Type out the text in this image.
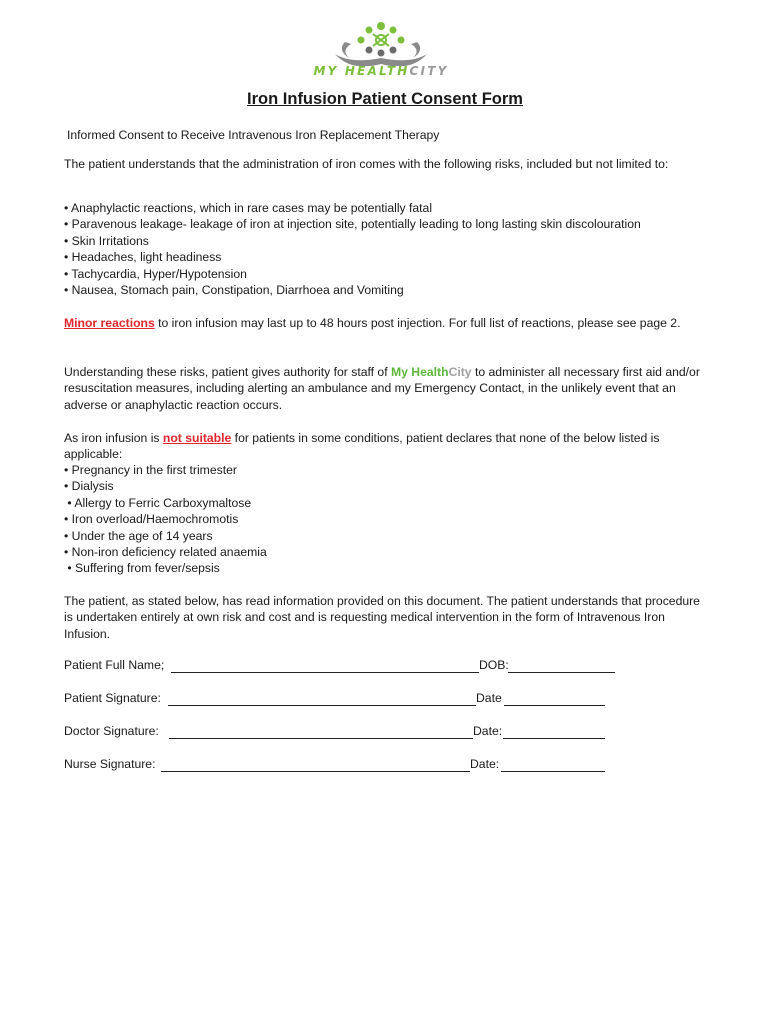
MY HEALTHCITY
Iron Infusion Patient Consent Form

Informed Consent to Receive Intravenous Iron Replacement Therapy

The patient understands that the administration of iron comes with the following risks, included but not limited to:

• Anaphylactic reactions, which in rare cases may be potentially fatal
• Paravenous leakage- leakage of iron at injection site, potentially leading to long lasting skin discolouration
• Skin Irritations
• Headaches, light headiness
• Tachycardia, Hyper/Hypotension
• Nausea, Stomach pain, Constipation, Diarrhoea and Vomiting

Minor reactions to iron infusion may last up to 48 hours post injection. For full list of reactions, please see page 2.

Understanding these risks, patient gives authority for staff of My HealthCity to administer all necessary first aid and/or resuscitation measures, including alerting an ambulance and my Emergency Contact, in the unlikely event that an adverse or anaphylactic reaction occurs.

As iron infusion is not suitable for patients in some conditions, patient declares that none of the below listed is applicable:

• Pregnancy in the first trimester
• Dialysis
• Allergy to Ferric Carboxymaltose
• Iron overload/Haemochromotis
• Under the age of 14 years
• Non-iron deficiency related anaemia
• Suffering from fever/sepsis

The patient, as stated below, has read information provided on this document. The patient understands that procedure is undertaken entirely at own risk and cost and is requesting medical intervention in the form of Intravenous Iron Infusion.

Patient Full Name;	DOB:
Patient Signature:	Date
Doctor Signature:	Date:
Nurse Signature:	Date:
